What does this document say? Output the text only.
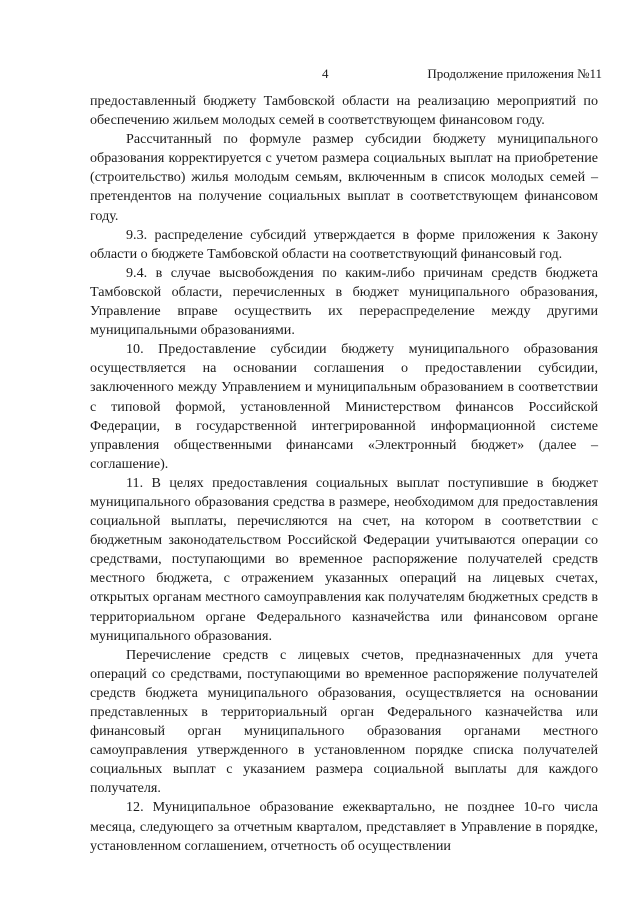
4	Продолжение приложения №11

предоставленный бюджету Тамбовской области на реализацию мероприятий по обеспечению жильем молодых семей в соответствующем финансовом году.

Рассчитанный по формуле размер субсидии бюджету муниципального образования корректируется с учетом размера социальных выплат на приобретение (строительство) жилья молодым семьям, включенным в список молодых семей – претендентов на получение социальных выплат в соответствующем финансовом году.

9.3. распределение субсидий утверждается в форме приложения к Закону области о бюджете Тамбовской области на соответствующий финансовый год.

9.4. в случае высвобождения по каким-либо причинам средств бюджета Тамбовской области, перечисленных в бюджет муниципального образования, Управление вправе осуществить их перераспределение между другими муниципальными образованиями.

10. Предоставление субсидии бюджету муниципального образования осуществляется на основании соглашения о предоставлении субсидии, заключенного между Управлением и муниципальным образованием в соответствии с типовой формой, установленной Министерством финансов Российской Федерации, в государственной интегрированной информационной системе управления общественными финансами «Электронный бюджет» (далее – соглашение).

11. В целях предоставления социальных выплат поступившие в бюджет муниципального образования средства в размере, необходимом для предоставления социальной выплаты, перечисляются на счет, на котором в соответствии с бюджетным законодательством Российской Федерации учитываются операции со средствами, поступающими во временное распоряжение получателей средств местного бюджета, с отражением указанных операций на лицевых счетах, открытых органам местного самоуправления как получателям бюджетных средств в территориальном органе Федерального казначейства или финансовом органе муниципального образования.

Перечисление средств с лицевых счетов, предназначенных для учета операций со средствами, поступающими во временное распоряжение получателей средств бюджета муниципального образования, осуществляется на основании представленных в территориальный орган Федерального казначейства или финансовый орган муниципального образования органами местного самоуправления утвержденного в установленном порядке списка получателей социальных выплат с указанием размера социальной выплаты для каждого получателя.

12. Муниципальное образование ежеквартально, не позднее 10-го числа месяца, следующего за отчетным кварталом, представляет в Управление в порядке, установленном соглашением, отчетность об осуществлении
